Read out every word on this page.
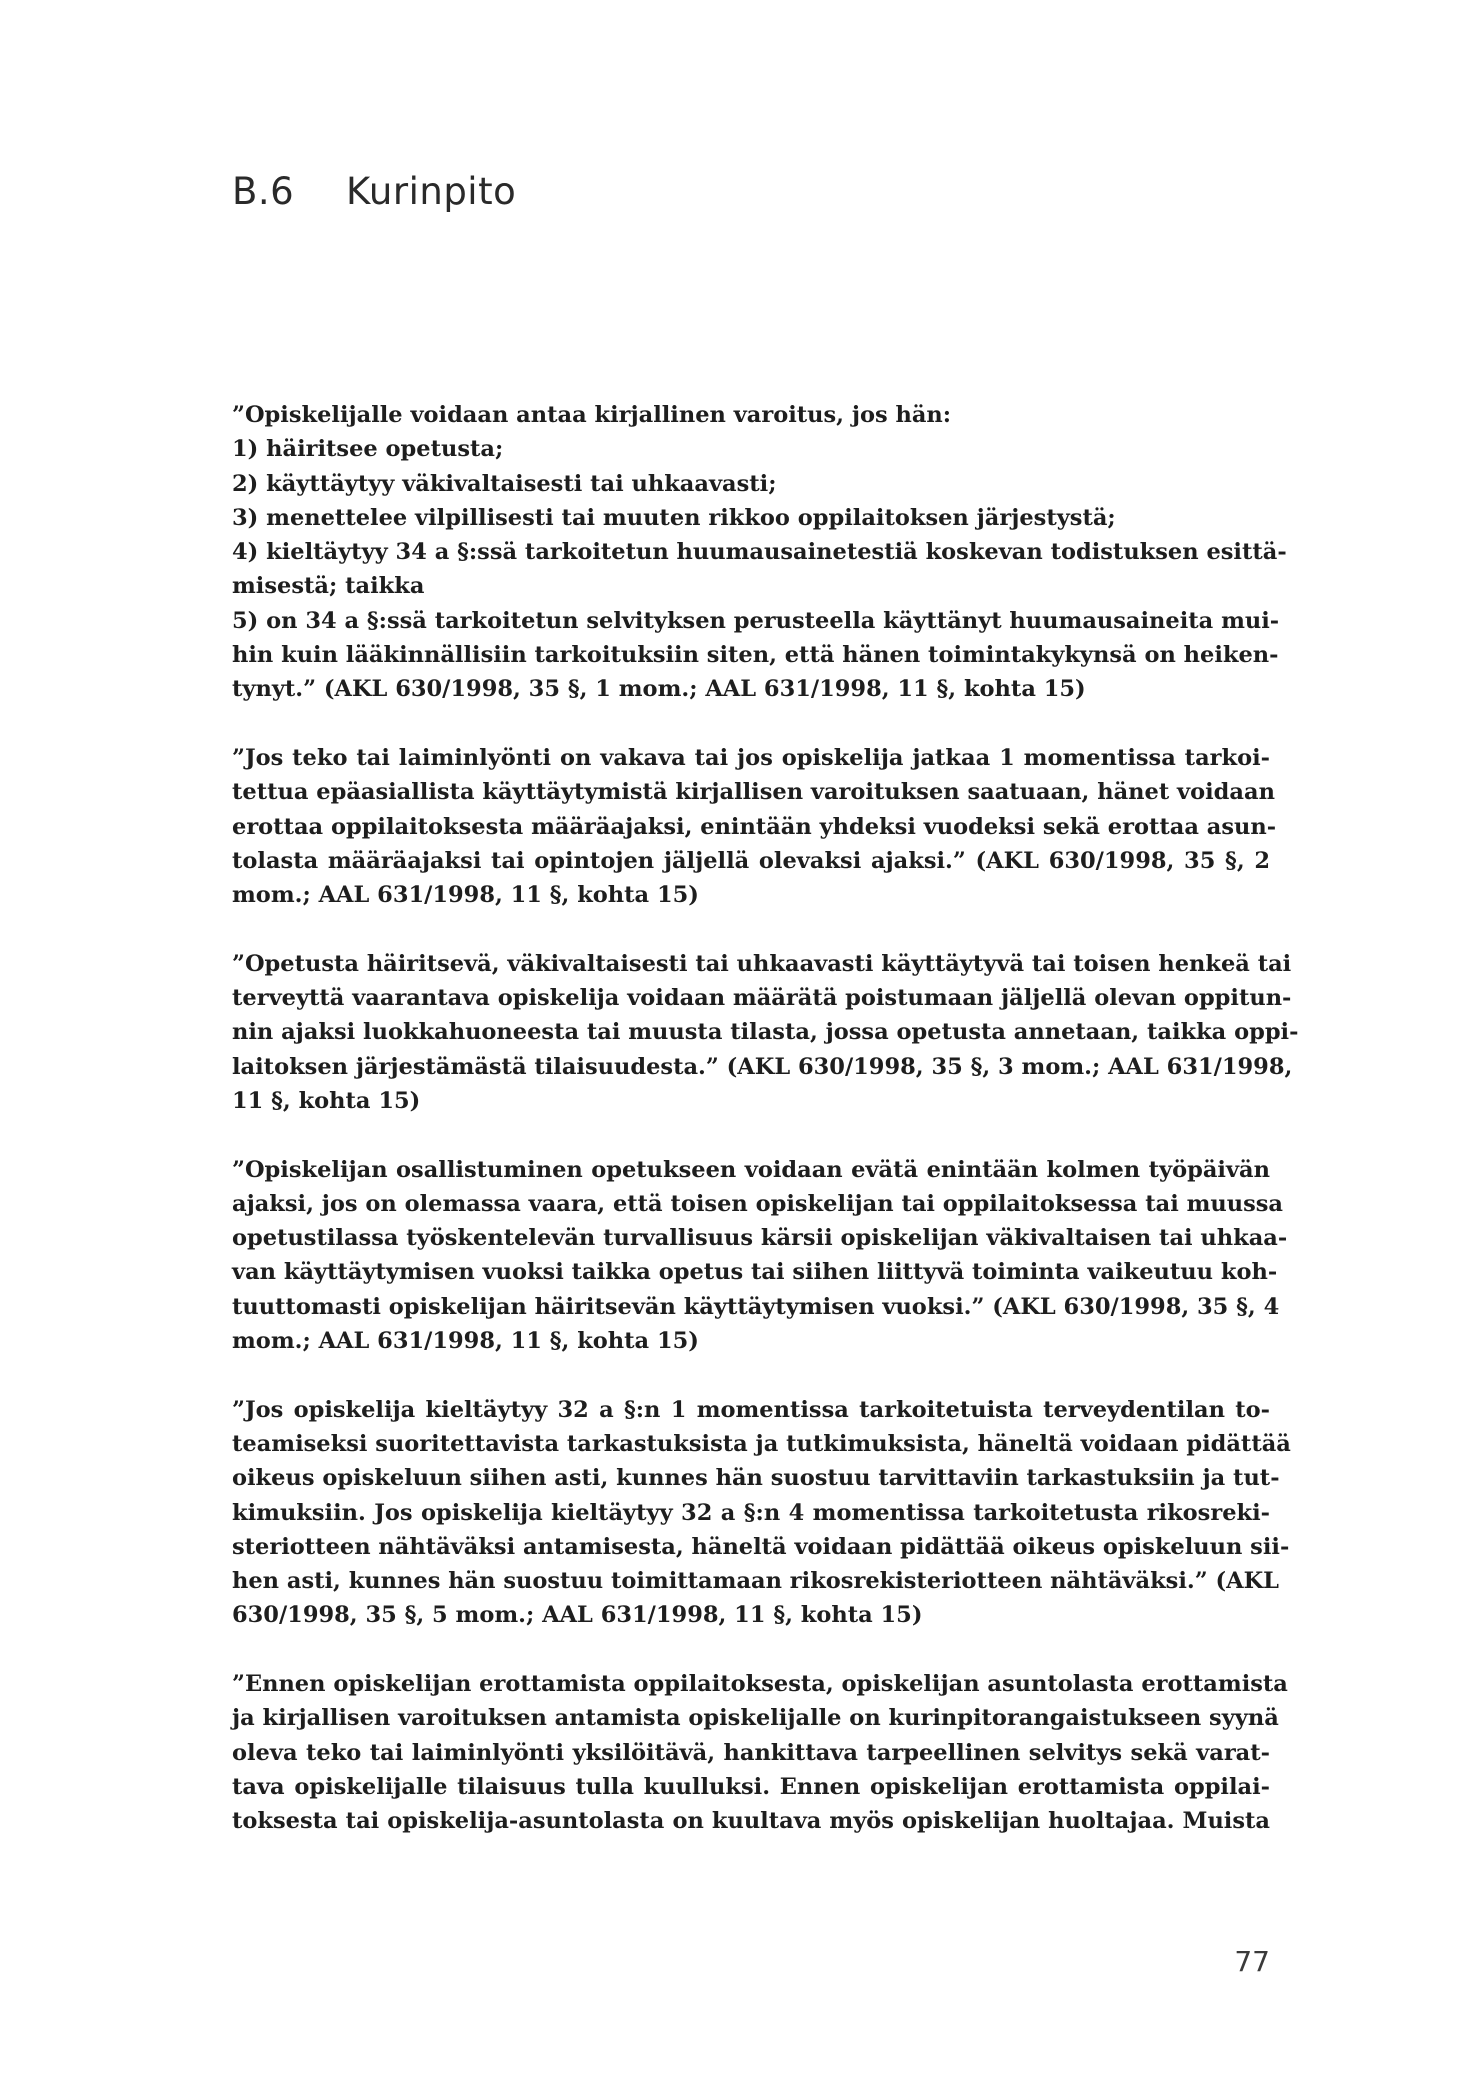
B.6 Kurinpito

”Opiskelijalle voidaan antaa kirjallinen varoitus, jos hän:
1) häiritsee opetusta;
2) käyttäytyy väkivaltaisesti tai uhkaavasti;
3) menettelee vilpillisesti tai muuten rikkoo oppilaitoksen järjestystä;
4) kieltäytyy 34 a §:ssä tarkoitetun huumausainetestiä koskevan todistuksen esittä-
misestä; taikka
5) on 34 a §:ssä tarkoitetun selvityksen perusteella käyttänyt huumausaineita mui-
hin kuin lääkinnällisiin tarkoituksiin siten, että hänen toimintakykynsä on heiken-
tynyt.” (AKL 630/1998, 35 §, 1 mom.; AAL 631/1998, 11 §, kohta 15)

”Jos teko tai laiminlyönti on vakava tai jos opiskelija jatkaa 1 momentissa tarkoi-
tettua epäasiallista käyttäytymistä kirjallisen varoituksen saatuaan, hänet voidaan
erottaa oppilaitoksesta määräajaksi, enintään yhdeksi vuodeksi sekä erottaa asun-
tolasta määräajaksi tai opintojen jäljellä olevaksi ajaksi.” (AKL 630/1998, 35 §, 2
mom.; AAL 631/1998, 11 §, kohta 15)

”Opetusta häiritsevä, väkivaltaisesti tai uhkaavasti käyttäytyvä tai toisen henkeä tai
terveyttä vaarantava opiskelija voidaan määrätä poistumaan jäljellä olevan oppitun-
nin ajaksi luokkahuoneesta tai muusta tilasta, jossa opetusta annetaan, taikka oppi-
laitoksen järjestämästä tilaisuudesta.” (AKL 630/1998, 35 §, 3 mom.; AAL 631/1998,
11 §, kohta 15)

”Opiskelijan osallistuminen opetukseen voidaan evätä enintään kolmen työpäivän
ajaksi, jos on olemassa vaara, että toisen opiskelijan tai oppilaitoksessa tai muussa
opetustilassa työskentelevän turvallisuus kärsii opiskelijan väkivaltaisen tai uhkaa-
van käyttäytymisen vuoksi taikka opetus tai siihen liittyvä toiminta vaikeutuu koh-
tuuttomasti opiskelijan häiritsevän käyttäytymisen vuoksi.” (AKL 630/1998, 35 §, 4
mom.; AAL 631/1998, 11 §, kohta 15)

”Jos opiskelija kieltäytyy 32 a §:n 1 momentissa tarkoitetuista terveydentilan to-
teamiseksi suoritettavista tarkastuksista ja tutkimuksista, häneltä voidaan pidättää
oikeus opiskeluun siihen asti, kunnes hän suostuu tarvittaviin tarkastuksiin ja tut-
kimuksiin. Jos opiskelija kieltäytyy 32 a §:n 4 momentissa tarkoitetusta rikosreki-
steriotteen nähtäväksi antamisesta, häneltä voidaan pidättää oikeus opiskeluun sii-
hen asti, kunnes hän suostuu toimittamaan rikosrekisteriotteen nähtäväksi.” (AKL
630/1998, 35 §, 5 mom.; AAL 631/1998, 11 §, kohta 15)

”Ennen opiskelijan erottamista oppilaitoksesta, opiskelijan asuntolasta erottamista
ja kirjallisen varoituksen antamista opiskelijalle on kurinpitorangaistukseen syynä
oleva teko tai laiminlyönti yksilöitävä, hankittava tarpeellinen selvitys sekä varat-
tava opiskelijalle tilaisuus tulla kuulluksi. Ennen opiskelijan erottamista oppilai-
toksesta tai opiskelija-asuntolasta on kuultava myös opiskelijan huoltajaa. Muista

77
